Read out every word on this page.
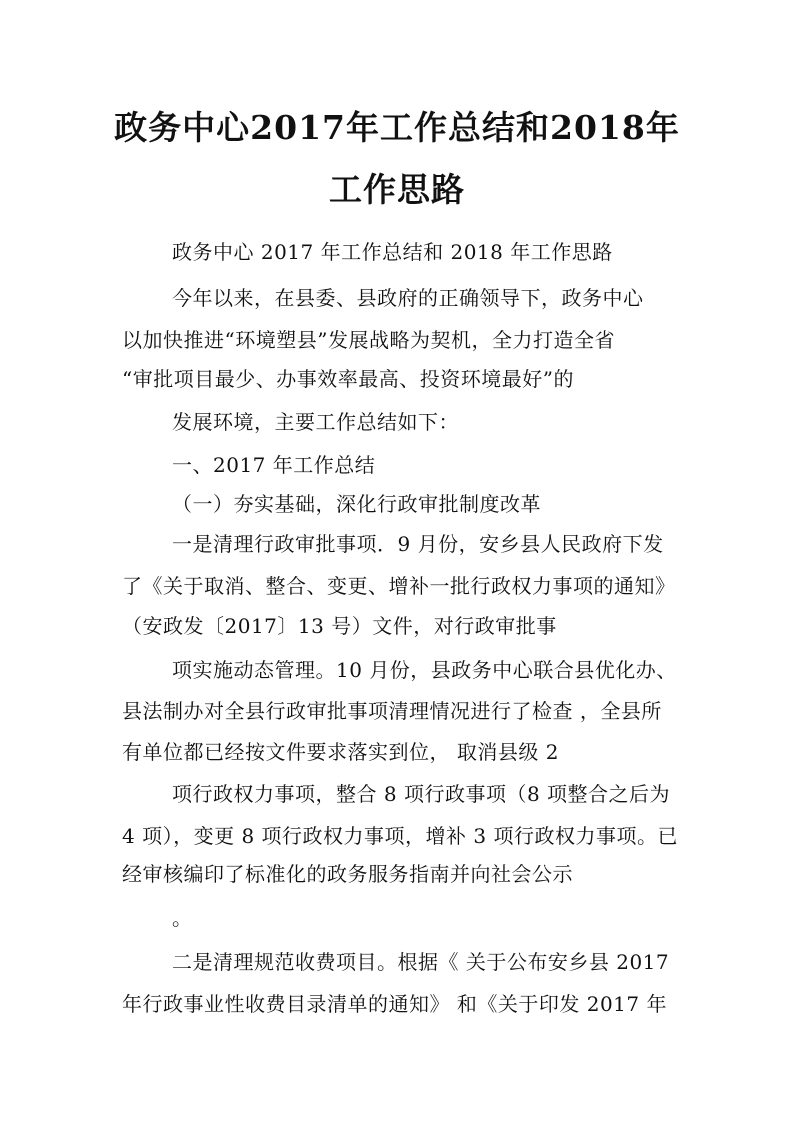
政务中心2017年工作总结和2018年
工作思路
政务中心 2017 年工作总结和 2018 年工作思路
今年以来，在县委、县政府的正确领导下，政务中心
以加快推进“环境塑县”发展战略为契机，全力打造全省
“审批项目最少、办事效率最高、投资环境最好”的
发展环境，主要工作总结如下：
一、2017 年工作总结
（一）夯实基础，深化行政审批制度改革
一是清理行政审批事项．9 月份，安乡县人民政府下发
了《关于取消、整合、变更、增补一批行政权力事项的通知》
（安政发〔2017〕13 号）文件，对行政审批事
项实施动态管理。10 月份，县政务中心联合县优化办、
县法制办对全县行政审批事项清理情况进行了检查 ，全县所
有单位都已经按文件要求落实到位， 取消县级 2
项行政权力事项，整合 8 项行政事项（8 项整合之后为
4 项），变更 8 项行政权力事项，增补 3 项行政权力事项。已
经审核编印了标准化的政务服务指南并向社会公示
。
二是清理规范收费项目。根据《 关于公布安乡县 2017
年行政事业性收费目录清单的通知》 和《关于印发 2017 年
